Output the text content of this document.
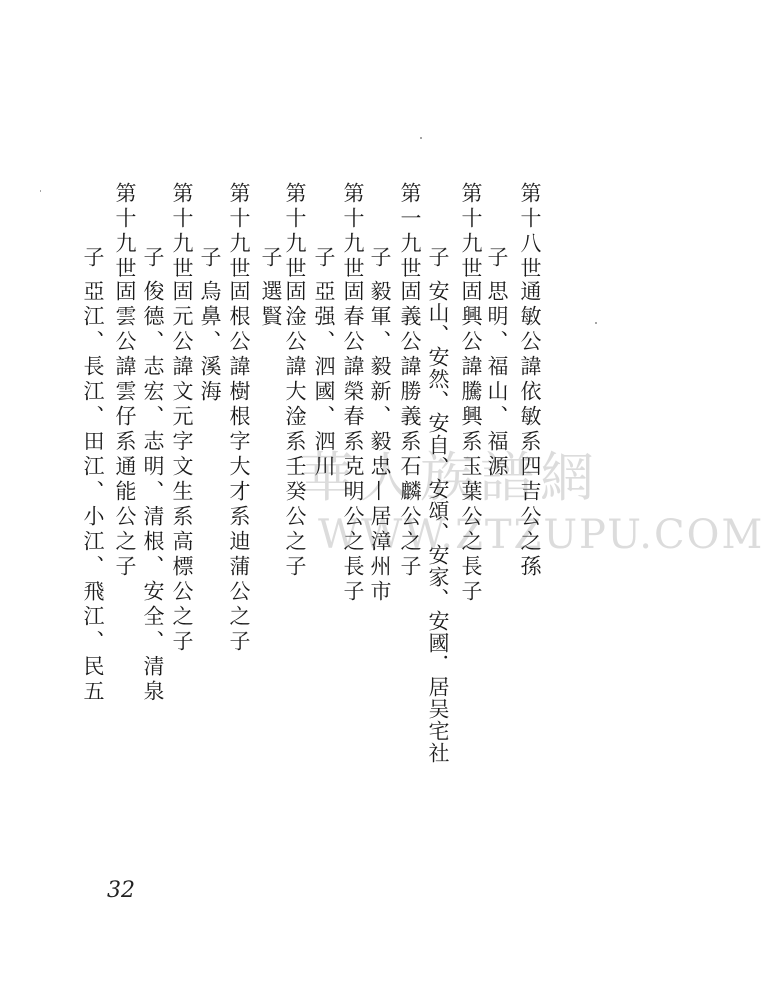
華人族譜網
WWW.ZTZUPU.COM
第十八世
通敏公諱依敏系四吉公之孫
子
思明、福山、福源
第十九世
固興公諱騰興系玉葉公之長子
子
安山、安然、安自、安頌、安家、安國．居吴宅社
第一九世
固義公諱勝義系石麟公之子
子
毅軍、毅新、毅忠—居漳州市
第十九世
固春公諱榮春系克明公之長子
子
亞强、泗國、泗川
第十九世
固淦公諱大淦系壬癸公之子
子
選賢
第十九世
固根公諱樹根字大才系迪蒲公之子
子
烏鼻、溪海
第十九世
固元公諱文元字文生系高標公之子
子
俊德、志宏、志明、清根、安全、清泉
第十九世
固雲公諱雲仔系通能公之子
子
亞江、長江、田江、小江、飛江、民五
32
